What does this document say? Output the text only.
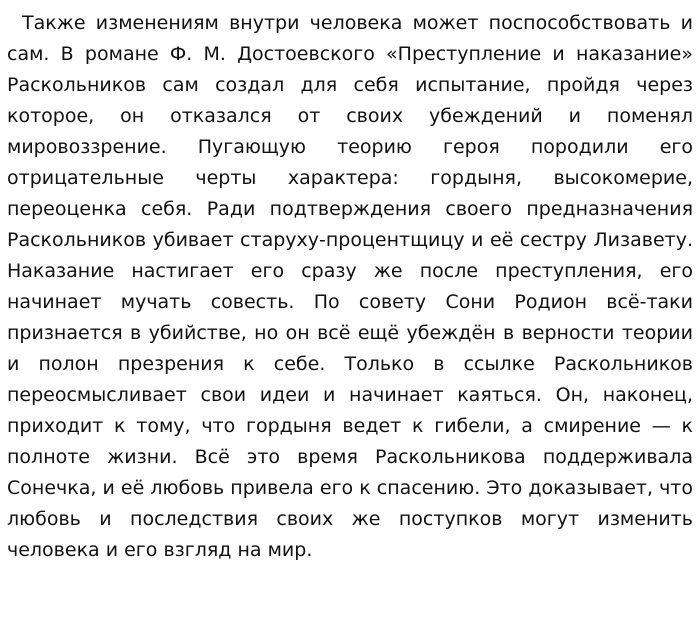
Также изменениям внутри человека может поспособствовать и сам. В романе Ф. М. Достоевского «Преступление и наказание» Раскольников сам создал для себя испытание, пройдя через которое, он отказался от своих убеждений и поменял мировоззрение. Пугающую теорию героя породили его отрицательные черты характера: гордыня, высокомерие, переоценка себя. Ради подтверждения своего предназначения Раскольников убивает старуху-процентщицу и её сестру Лизавету. Наказание настигает его сразу же после преступления, его начинает мучать совесть. По совету Сони Родион всё-таки признается в убийстве, но он всё ещё убеждён в верности теории и полон презрения к себе. Только в ссылке Раскольников переосмысливает свои идеи и начинает каяться. Он, наконец, приходит к тому, что гордыня ведет к гибели, а смирение — к полноте жизни. Всё это время Раскольникова поддерживала Сонечка, и её любовь привела его к спасению. Это доказывает, что любовь и последствия своих же поступков могут изменить человека и его взгляд на мир.
